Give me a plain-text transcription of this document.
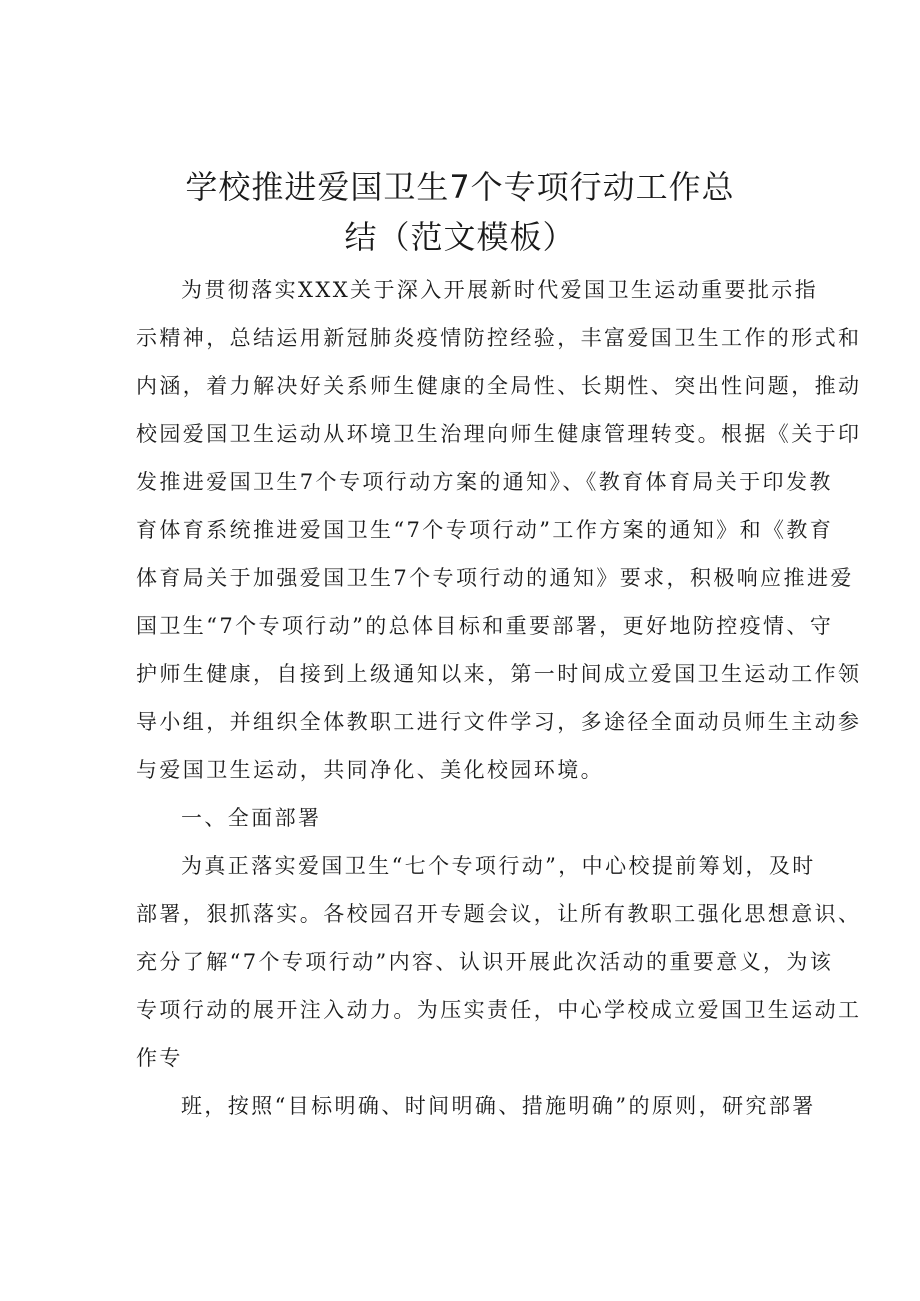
学校推进爱国卫生7个专项行动工作总
结（范文模板）
为贯彻落实XXX关于深入开展新时代爱国卫生运动重要批示指
示精神，总结运用新冠肺炎疫情防控经验，丰富爱国卫生工作的形式和
内涵，着力解决好关系师生健康的全局性、长期性、突出性问题，推动
校园爱国卫生运动从环境卫生治理向师生健康管理转变。根据《关于印
发推进爱国卫生7个专项行动方案的通知》、《教育体育局关于印发教
育体育系统推进爱国卫生“7个专项行动”工作方案的通知》和《教育
体育局关于加强爱国卫生7个专项行动的通知》要求，积极响应推进爱
国卫生“7个专项行动”的总体目标和重要部署，更好地防控疫情、守
护师生健康，自接到上级通知以来，第一时间成立爱国卫生运动工作领
导小组，并组织全体教职工进行文件学习，多途径全面动员师生主动参
与爱国卫生运动，共同净化、美化校园环境。
一、全面部署
为真正落实爱国卫生“七个专项行动”，中心校提前筹划，及时
部署，狠抓落实。各校园召开专题会议，让所有教职工强化思想意识、
充分了解“7个专项行动”内容、认识开展此次活动的重要意义，为该
专项行动的展开注入动力。为压实责任，中心学校成立爱国卫生运动工
作专
班，按照“目标明确、时间明确、措施明确”的原则，研究部署
